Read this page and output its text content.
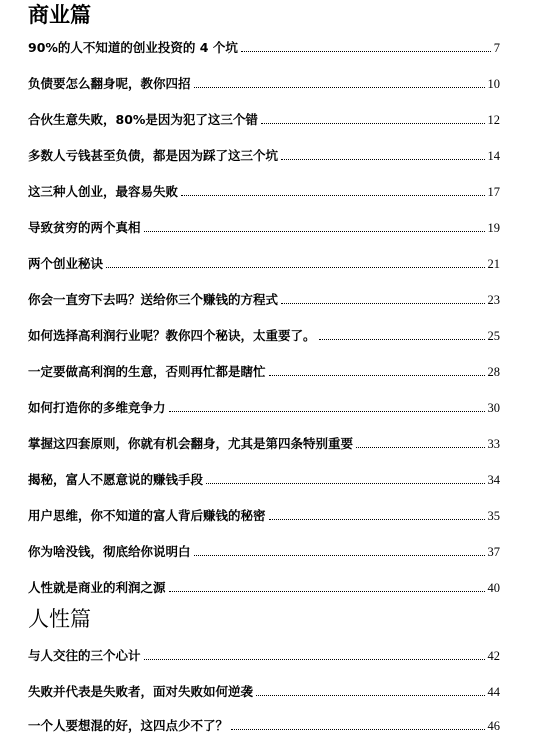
商业篇
90%的人不知道的创业投资的 4 个坑	7
负债要怎么翻身呢，教你四招	10
合伙生意失败，80%是因为犯了这三个错	12
多数人亏钱甚至负债，都是因为踩了这三个坑	14
这三种人创业，最容易失败	17
导致贫穷的两个真相	19
两个创业秘诀	21
你会一直穷下去吗？送给你三个赚钱的方程式	23
如何选择高利润行业呢？教你四个秘诀，太重要了。	25
一定要做高利润的生意，否则再忙都是瞎忙	28
如何打造你的多维竞争力	30
掌握这四套原则，你就有机会翻身，尤其是第四条特别重要	33
揭秘，富人不愿意说的赚钱手段	34
用户思维，你不知道的富人背后赚钱的秘密	35
你为啥没钱，彻底给你说明白	37
人性就是商业的利润之源	40
人性篇
与人交往的三个心计	42
失败并代表是失败者，面对失败如何逆袭	44
一个人要想混的好，这四点少不了？	46
